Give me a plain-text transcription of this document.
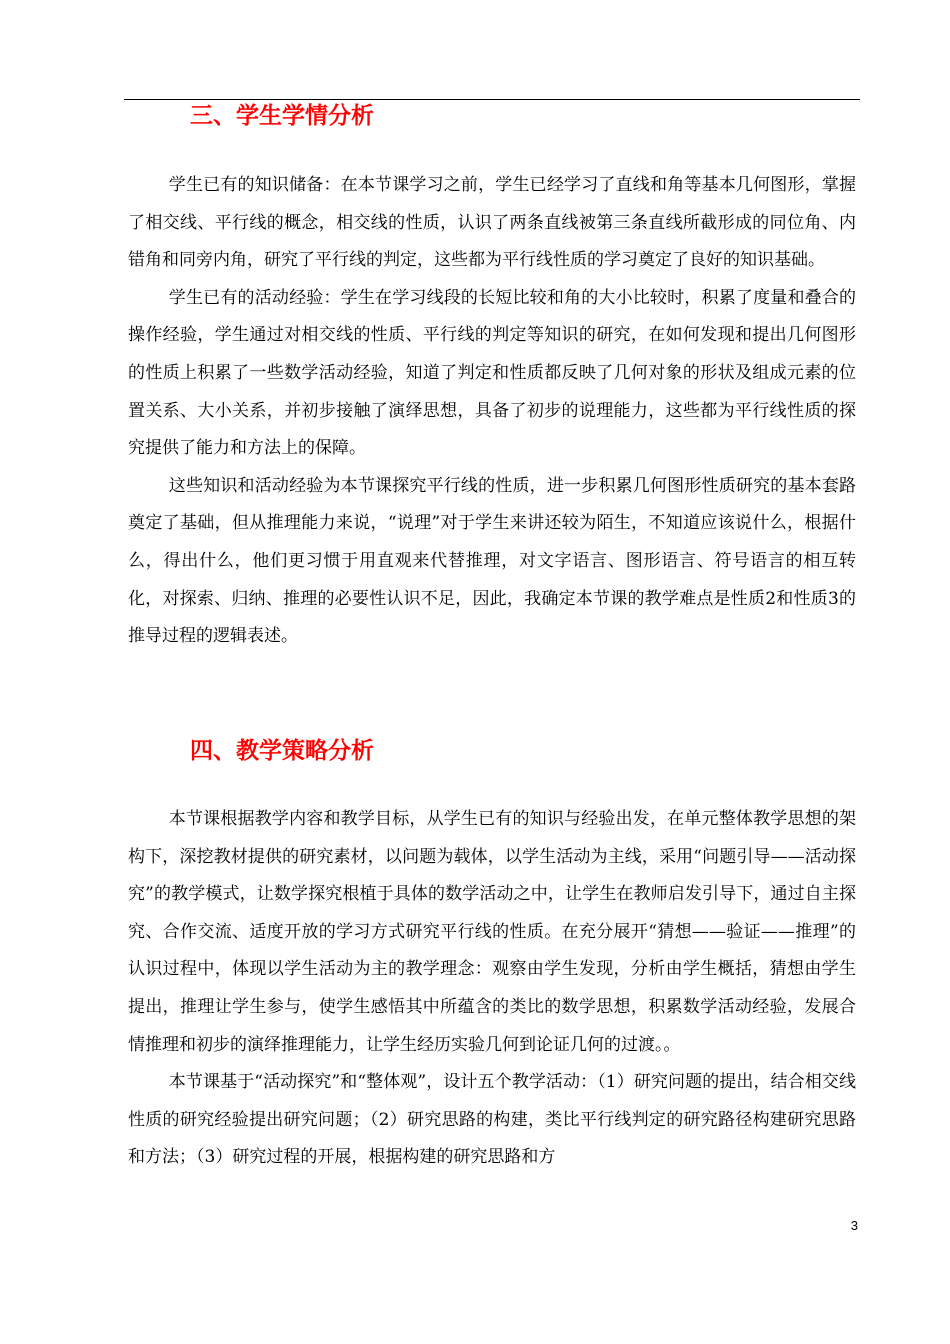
三、学生学情分析

学生已有的知识储备：在本节课学习之前，学生已经学习了直线和角等基本几何图形，掌握了相交线、平行线的概念，相交线的性质，认识了两条直线被第三条直线所截形成的同位角、内错角和同旁内角，研究了平行线的判定，这些都为平行线性质的学习奠定了良好的知识基础。

学生已有的活动经验：学生在学习线段的长短比较和角的大小比较时，积累了度量和叠合的操作经验，学生通过对相交线的性质、平行线的判定等知识的研究，在如何发现和提出几何图形的性质上积累了一些数学活动经验，知道了判定和性质都反映了几何对象的形状及组成元素的位置关系、大小关系，并初步接触了演绎思想，具备了初步的说理能力，这些都为平行线性质的探究提供了能力和方法上的保障。

这些知识和活动经验为本节课探究平行线的性质，进一步积累几何图形性质研究的基本套路奠定了基础，但从推理能力来说，“说理”对于学生来讲还较为陌生，不知道应该说什么，根据什么，得出什么，他们更习惯于用直观来代替推理，对文字语言、图形语言、符号语言的相互转化，对探索、归纳、推理的必要性认识不足，因此，我确定本节课的教学难点是性质2和性质3的推导过程的逻辑表述。

四、教学策略分析

本节课根据教学内容和教学目标，从学生已有的知识与经验出发，在单元整体教学思想的架构下，深挖教材提供的研究素材，以问题为载体，以学生活动为主线，采用“问题引导——活动探究”的教学模式，让数学探究根植于具体的数学活动之中，让学生在教师启发引导下，通过自主探究、合作交流、适度开放的学习方式研究平行线的性质。在充分展开“猜想——验证——推理”的认识过程中，体现以学生活动为主的教学理念：观察由学生发现，分析由学生概括，猜想由学生提出，推理让学生参与，使学生感悟其中所蕴含的类比的数学思想，积累数学活动经验，发展合情推理和初步的演绎推理能力，让学生经历实验几何到论证几何的过渡。。

本节课基于“活动探究”和“整体观”，设计五个教学活动：（1）研究问题的提出，结合相交线性质的研究经验提出研究问题；（2）研究思路的构建，类比平行线判定的研究路径构建研究思路和方法；（3）研究过程的开展，根据构建的研究思路和方

3
